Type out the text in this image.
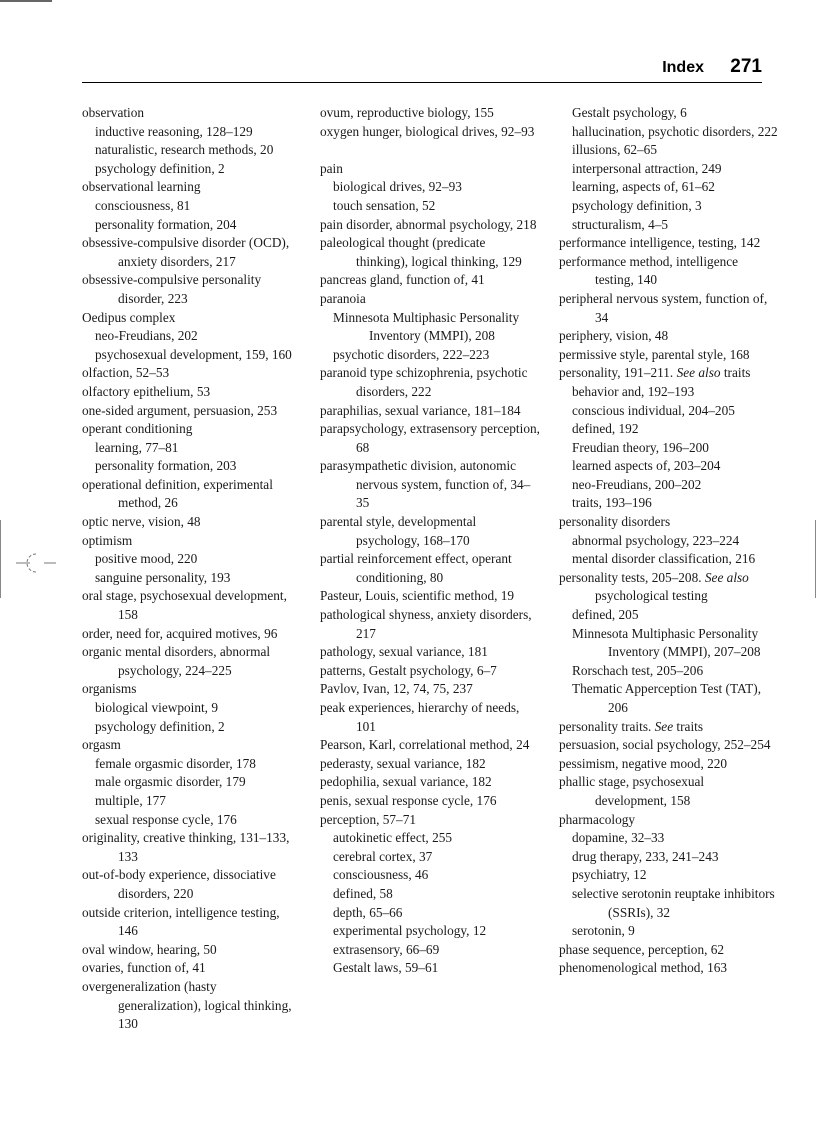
Index 271
observation
inductive reasoning, 128–129
naturalistic, research methods, 20
psychology definition, 2
observational learning
consciousness, 81
personality formation, 204
obsessive-compulsive disorder (OCD), anxiety disorders, 217
obsessive-compulsive personality disorder, 223
Oedipus complex
neo-Freudians, 202
psychosexual development, 159, 160
olfaction, 52–53
olfactory epithelium, 53
one-sided argument, persuasion, 253
operant conditioning
learning, 77–81
personality formation, 203
operational definition, experimental method, 26
optic nerve, vision, 48
optimism
positive mood, 220
sanguine personality, 193
oral stage, psychosexual development, 158
order, need for, acquired motives, 96
organic mental disorders, abnormal psychology, 224–225
organisms
biological viewpoint, 9
psychology definition, 2
orgasm
female orgasmic disorder, 178
male orgasmic disorder, 179
multiple, 177
sexual response cycle, 176
originality, creative thinking, 131–133, 133
out-of-body experience, dissociative disorders, 220
outside criterion, intelligence testing, 146
oval window, hearing, 50
ovaries, function of, 41
overgeneralization (hasty generalization), logical thinking, 130
ovum, reproductive biology, 155
oxygen hunger, biological drives, 92–93
pain
biological drives, 92–93
touch sensation, 52
pain disorder, abnormal psychology, 218
paleological thought (predicate thinking), logical thinking, 129
pancreas gland, function of, 41
paranoia
Minnesota Multiphasic Personality Inventory (MMPI), 208
psychotic disorders, 222–223
paranoid type schizophrenia, psychotic disorders, 222
paraphilias, sexual variance, 181–184
parapsychology, extrasensory perception, 68
parasympathetic division, autonomic nervous system, function of, 34–35
parental style, developmental psychology, 168–170
partial reinforcement effect, operant conditioning, 80
Pasteur, Louis, scientific method, 19
pathological shyness, anxiety disorders, 217
pathology, sexual variance, 181
patterns, Gestalt psychology, 6–7
Pavlov, Ivan, 12, 74, 75, 237
peak experiences, hierarchy of needs, 101
Pearson, Karl, correlational method, 24
pederasty, sexual variance, 182
pedophilia, sexual variance, 182
penis, sexual response cycle, 176
perception, 57–71
autokinetic effect, 255
cerebral cortex, 37
consciousness, 46
defined, 58
depth, 65–66
experimental psychology, 12
extrasensory, 66–69
Gestalt laws, 59–61
Gestalt psychology, 6
hallucination, psychotic disorders, 222
illusions, 62–65
interpersonal attraction, 249
learning, aspects of, 61–62
psychology definition, 3
structuralism, 4–5
performance intelligence, testing, 142
performance method, intelligence testing, 140
peripheral nervous system, function of, 34
periphery, vision, 48
permissive style, parental style, 168
personality, 191–211. See also traits
behavior and, 192–193
conscious individual, 204–205
defined, 192
Freudian theory, 196–200
learned aspects of, 203–204
neo-Freudians, 200–202
traits, 193–196
personality disorders
abnormal psychology, 223–224
mental disorder classification, 216
personality tests, 205–208. See also psychological testing
defined, 205
Minnesota Multiphasic Personality Inventory (MMPI), 207–208
Rorschach test, 205–206
Thematic Apperception Test (TAT), 206
personality traits. See traits
persuasion, social psychology, 252–254
pessimism, negative mood, 220
phallic stage, psychosexual development, 158
pharmacology
dopamine, 32–33
drug therapy, 233, 241–243
psychiatry, 12
selective serotonin reuptake inhibitors (SSRIs), 32
serotonin, 9
phase sequence, perception, 62
phenomenological method, 163
